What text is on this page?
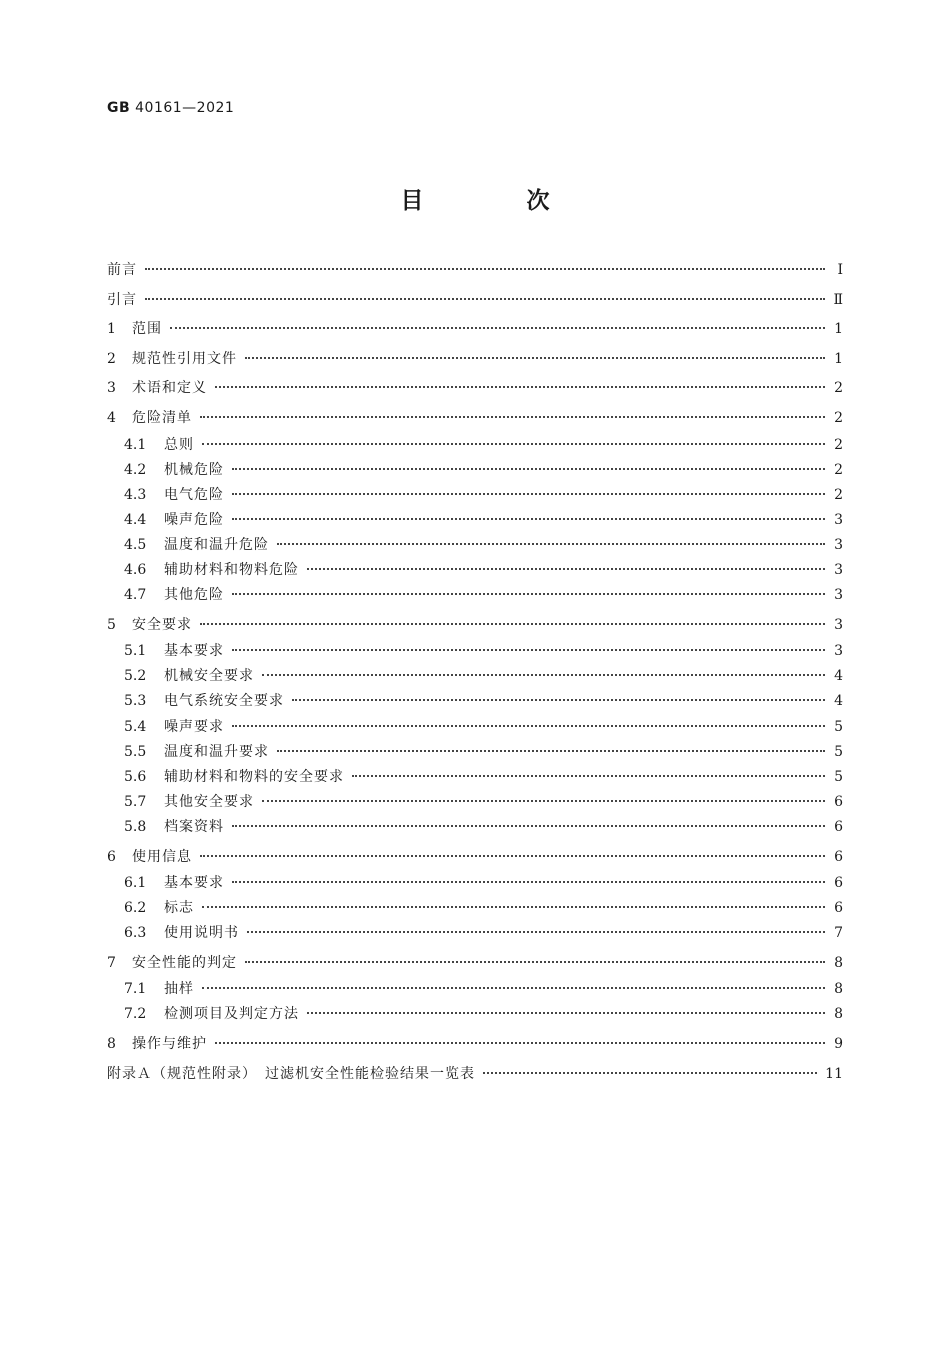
GB 40161—2021
目　次
前言	Ⅰ
引言	Ⅱ
1	范围	1
2	规范性引用文件	1
3	术语和定义	2
4	危险清单	2
4.1	总则	2
4.2	机械危险	2
4.3	电气危险	2
4.4	噪声危险	3
4.5	温度和温升危险	3
4.6	辅助材料和物料危险	3
4.7	其他危险	3
5	安全要求	3
5.1	基本要求	3
5.2	机械安全要求	4
5.3	电气系统安全要求	4
5.4	噪声要求	5
5.5	温度和温升要求	5
5.6	辅助材料和物料的安全要求	5
5.7	其他安全要求	6
5.8	档案资料	6
6	使用信息	6
6.1	基本要求	6
6.2	标志	6
6.3	使用说明书	7
7	安全性能的判定	8
7.1	抽样	8
7.2	检测项目及判定方法	8
8	操作与维护	9
附录Ａ（规范性附录）　过滤机安全性能检验结果一览表	11
